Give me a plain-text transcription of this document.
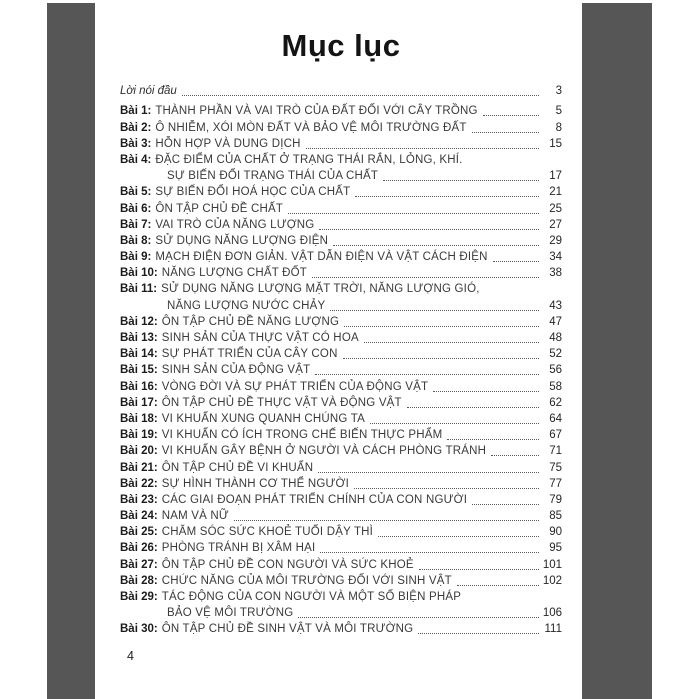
Mục lục
Lời nói đầu	3
Bài 1: THÀNH PHẦN VÀ VAI TRÒ CỦA ĐẤT ĐỐI VỚI CÂY TRỒNG	5
Bài 2: Ô NHIỄM, XÓI MÒN ĐẤT VÀ BẢO VỆ MÔI TRƯỜNG ĐẤT	8
Bài 3: HỖN HỢP VÀ DUNG DỊCH	15
Bài 4: ĐẶC ĐIỂM CỦA CHẤT Ở TRẠNG THÁI RẮN, LỎNG, KHÍ.
SỰ BIẾN ĐỔI TRẠNG THÁI CỦA CHẤT	17
Bài 5: SỰ BIẾN ĐỔI HOÁ HỌC CỦA CHẤT	21
Bài 6: ÔN TẬP CHỦ ĐỀ CHẤT	25
Bài 7: VAI TRÒ CỦA NĂNG LƯỢNG	27
Bài 8: SỬ DỤNG NĂNG LƯỢNG ĐIỆN	29
Bài 9: MẠCH ĐIỆN ĐƠN GIẢN. VẬT DẪN ĐIỆN VÀ VẬT CÁCH ĐIỆN	34
Bài 10: NĂNG LƯỢNG CHẤT ĐỐT	38
Bài 11: SỬ DỤNG NĂNG LƯỢNG MẶT TRỜI, NĂNG LƯỢNG GIÓ,
NĂNG LƯỢNG NƯỚC CHẢY	43
Bài 12: ÔN TẬP CHỦ ĐỀ NĂNG LƯỢNG	47
Bài 13: SINH SẢN CỦA THỰC VẬT CÓ HOA	48
Bài 14: SỰ PHÁT TRIỂN CỦA CÂY CON	52
Bài 15: SINH SẢN CỦA ĐỘNG VẬT	56
Bài 16: VÒNG ĐỜI VÀ SỰ PHÁT TRIỂN CỦA ĐỘNG VẬT	58
Bài 17: ÔN TẬP CHỦ ĐỀ THỰC VẬT VÀ ĐỘNG VẬT	62
Bài 18: VI KHUẨN XUNG QUANH CHÚNG TA	64
Bài 19: VI KHUẨN CÓ ÍCH TRONG CHẾ BIẾN THỰC PHẨM	67
Bài 20: VI KHUẨN GÂY BỆNH Ở NGƯỜI VÀ CÁCH PHÒNG TRÁNH	71
Bài 21: ÔN TẬP CHỦ ĐỀ VI KHUẨN	75
Bài 22: SỰ HÌNH THÀNH CƠ THỂ NGƯỜI	77
Bài 23: CÁC GIAI ĐOẠN PHÁT TRIỂN CHÍNH CỦA CON NGƯỜI	79
Bài 24: NAM VÀ NỮ	85
Bài 25: CHĂM SÓC SỨC KHOẺ TUỔI DẬY THÌ	90
Bài 26: PHÒNG TRÁNH BỊ XÂM HẠI	95
Bài 27: ÔN TẬP CHỦ ĐỀ CON NGƯỜI VÀ SỨC KHOẺ	101
Bài 28: CHỨC NĂNG CỦA MÔI TRƯỜNG ĐỐI VỚI SINH VẬT	102
Bài 29: TÁC ĐỘNG CỦA CON NGƯỜI VÀ MỘT SỐ BIỆN PHÁP
BẢO VỆ MÔI TRƯỜNG	106
Bài 30: ÔN TẬP CHỦ ĐỀ SINH VẬT VÀ MÔI TRƯỜNG	111
4
